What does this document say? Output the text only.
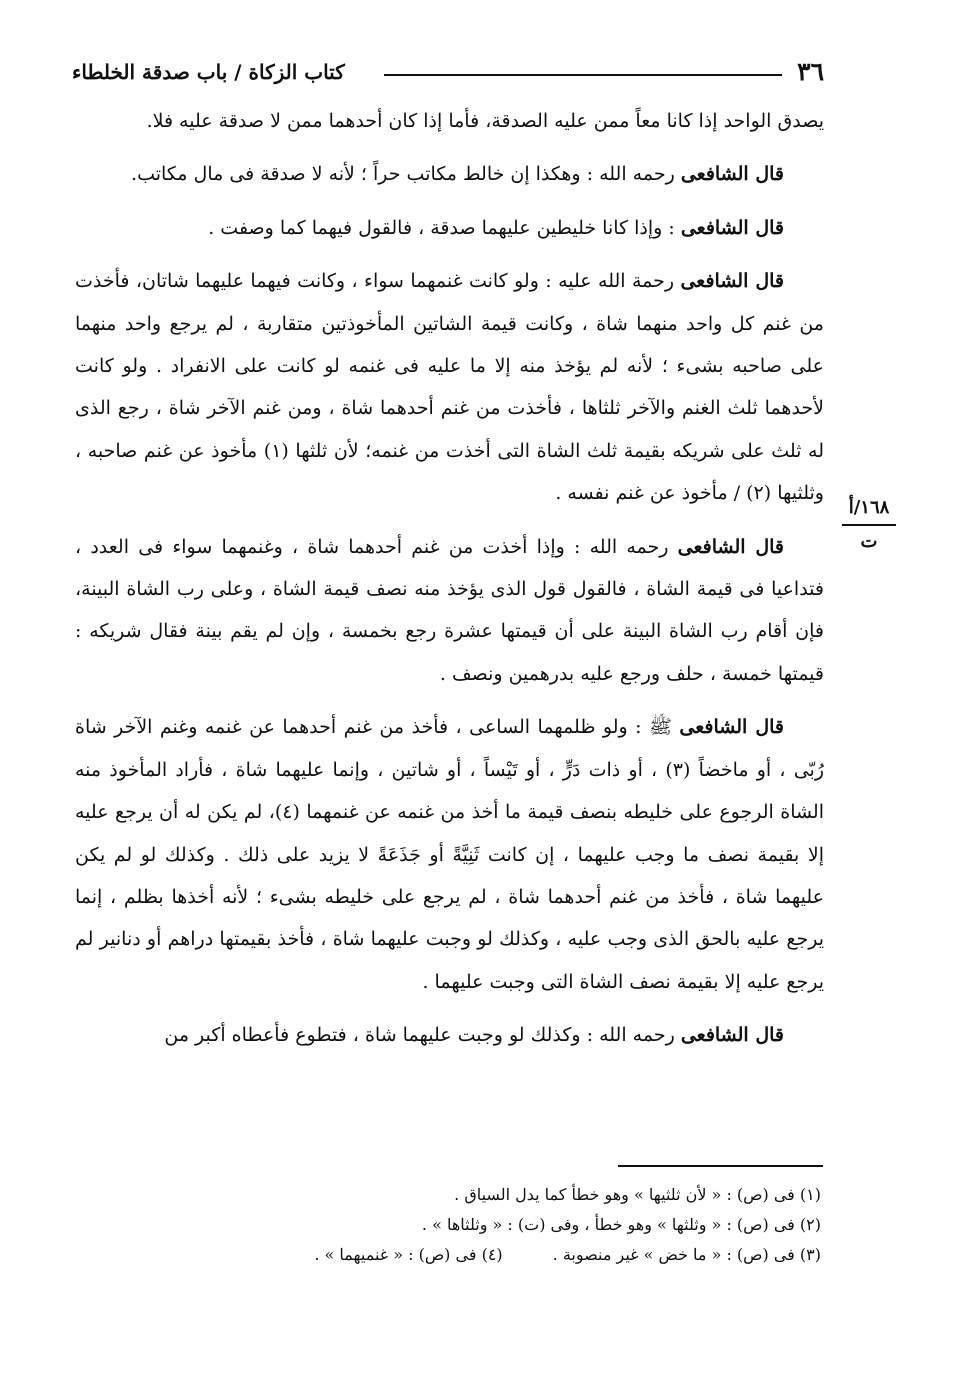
٣٦
كتاب الزكاة / باب صدقة الخلطاء

يصدق الواحد إذا كانا معاً ممن عليه الصدقة، فأما إذا كان أحدهما ممن لا صدقة عليه فلا.

قال الشافعى رحمه الله : وهكذا إن خالط مكاتب حراً ؛ لأنه لا صدقة فى مال مكاتب.

قال الشافعى : وإذا كانا خليطين عليهما صدقة ، فالقول فيهما كما وصفت .

قال الشافعى رحمة الله عليه : ولو كانت غنمهما سواء ، وكانت فيهما عليهما شاتان، فأخذت من غنم كل واحد منهما شاة ، وكانت قيمة الشاتين المأخوذتين متقاربة ، لم يرجع واحد منهما على صاحبه بشىء ؛ لأنه لم يؤخذ منه إلا ما عليه فى غنمه لو كانت على الانفراد . ولو كانت لأحدهما ثلث الغنم والآخر ثلثاها ، فأخذت من غنم أحدهما شاة ، ومن غنم الآخر شاة ، رجع الذى له ثلث على شريكه بقيمة ثلث الشاة التى أخذت من غنمه؛ لأن ثلثها (١) مأخوذ عن غنم صاحبه ، وثلثيها (٢) / مأخوذ عن غنم نفسه .

قال الشافعى رحمه الله : وإذا أخذت من غنم أحدهما شاة ، وغنمهما سواء فى العدد ، فتداعيا فى قيمة الشاة ، فالقول قول الذى يؤخذ منه نصف قيمة الشاة ، وعلى رب الشاة البينة، فإن أقام رب الشاة البينة على أن قيمتها عشرة رجع بخمسة ، وإن لم يقم بينة فقال شريكه : قيمتها خمسة ، حلف ورجع عليه بدرهمين ونصف .

قال الشافعى ﷺ : ولو ظلمهما الساعى ، فأخذ من غنم أحدهما عن غنمه وغنم الآخر شاة رُبّى ، أو ماخضاً (٣) ، أو ذات دَرٍّ ، أو تَيْساً ، أو شاتين ، وإنما عليهما شاة ، فأراد المأخوذ منه الشاة الرجوع على خليطه بنصف قيمة ما أخذ من غنمه عن غنمهما (٤)، لم يكن له أن يرجع عليه إلا بقيمة نصف ما وجب عليهما ، إن كانت ثَنِيَّةً أو جَذَعَةً لا يزيد على ذلك . وكذلك لو لم يكن عليهما شاة ، فأخذ من غنم أحدهما شاة ، لم يرجع على خليطه بشىء ؛ لأنه أخذها بظلم ، إنما يرجع عليه بالحق الذى وجب عليه ، وكذلك لو وجبت عليهما شاة ، فأخذ بقيمتها دراهم أو دنانير لم يرجع عليه إلا بقيمة نصف الشاة التى وجبت عليهما .

قال الشافعى رحمه الله : وكذلك لو وجبت عليهما شاة ، فتطوع فأعطاه أكبر من

١٦٨/أ
ت
(١) فى (ص) : « لأن ثلثيها » وهو خطأ كما يدل السياق .
(٢) فى (ص) : « وثلثها » وهو خطأ ، وفى (ت) : « وثلثاها » .
(٣) فى (ص) : « ما خض » غير منصوبة .(٤) فى (ص) : « غنميهما » .
